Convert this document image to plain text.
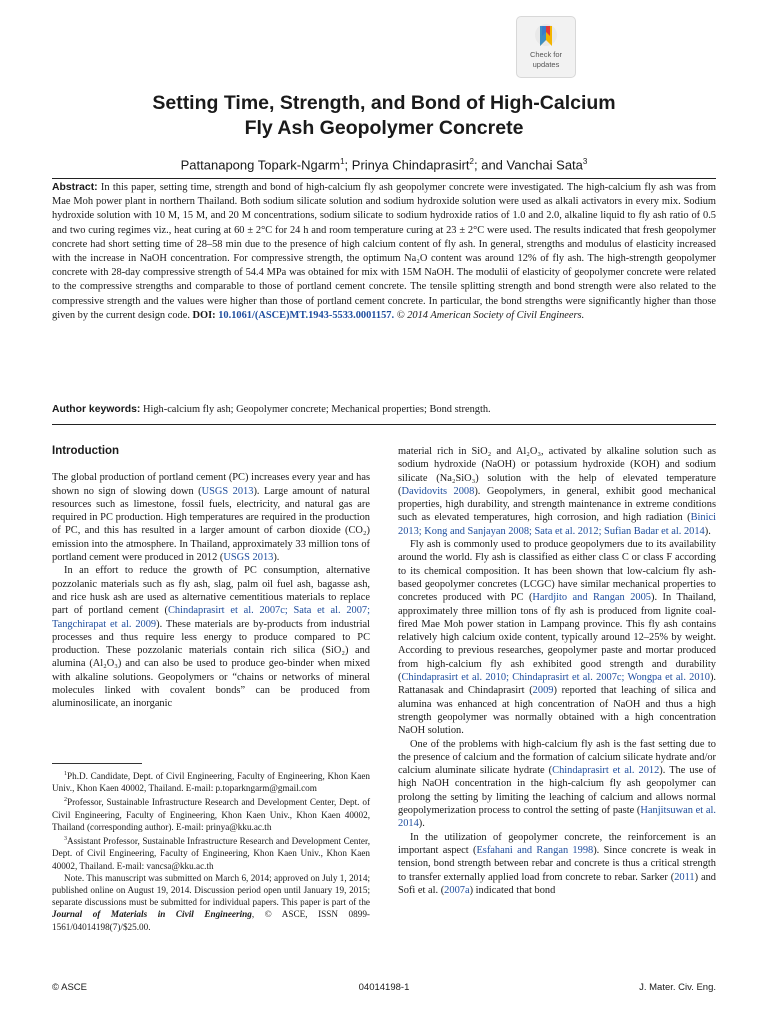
Check for
updates
Setting Time, Strength, and Bond of High-Calcium
Fly Ash Geopolymer Concrete
Pattanapong Topark-Ngarm$^1$; Prinya Chindaprasirt$^2$; and Vanchai Sata$^3$
Abstract: In this paper, setting time, strength and bond of high-calcium fly ash geopolymer concrete were investigated. The high-calcium fly ash was from Mae Moh power plant in northern Thailand. Both sodium silicate solution and sodium hydroxide solution were used as alkali activators in every mix. Sodium hydroxide solution with 10 M, 15 M, and 20 M concentrations, sodium silicate to sodium hydroxide ratios of 1.0 and 2.0, alkaline liquid to fly ash ratio of 0.5 and two curing regimes viz., heat curing at 60 ± 2°C for 24 h and room temperature curing at 23 ± 2°C were used. The results indicated that fresh geopolymer concrete had short setting time of 28–58 min due to the presence of high calcium content of fly ash. In general, strengths and modulus of elasticity increased with the increase in NaOH concentration. For compressive strength, the optimum Na₂O content was around 12% of fly ash. The high-strength geopolymer concrete with 28-day compressive strength of 54.4 MPa was obtained for mix with 15M NaOH. The modulii of elasticity of geopolymer concrete were related to the compressive strengths and comparable to those of portland cement concrete. The tensile splitting strength and bond strength were also related to the compressive strength and the values were higher than those of portland cement concrete. In particular, the bond strengths were significantly higher than those given by the current design code. DOI: 10.1061/(ASCE)MT.1943-5533.0001157. © 2014 American Society of Civil Engineers.
Author keywords: High-calcium fly ash; Geopolymer concrete; Mechanical properties; Bond strength.
Introduction

The global production of portland cement (PC) increases every year and has shown no sign of slowing down (USGS 2013). Large amount of natural resources such as limestone, fossil fuels, electricity, and natural gas are required in PC production. High temperatures are required in the production of PC, and this has resulted in a larger amount of carbon dioxide (CO₂) emission into the atmosphere. In Thailand, approximately 33 million tons of portland cement were produced in 2012 (USGS 2013).

In an effort to reduce the growth of PC consumption, alternative pozzolanic materials such as fly ash, slag, palm oil fuel ash, bagasse ash, and rice husk ash are used as alternative cementitious materials to replace part of portland cement (Chindaprasirt et al. 2007c; Sata et al. 2007; Tangchirapat et al. 2009). These materials are by-products from industrial processes and thus require less energy to produce compared to PC production. These pozzolanic materials contain rich silica (SiO₂) and alumina (Al₂O₃) and can also be used to produce geo-binder when mixed with alkaline solutions. Geopolymers or “chains or networks of mineral molecules linked with covalent bonds” can be produced from aluminosilicate, an inorganic

$^1$Ph.D. Candidate, Dept. of Civil Engineering, Faculty of Engineering, Khon Kaen Univ., Khon Kaen 40002, Thailand. E-mail: p.toparkngarm@gmail.com

$^2$Professor, Sustainable Infrastructure Research and Development Center, Dept. of Civil Engineering, Faculty of Engineering, Khon Kaen Univ., Khon Kaen 40002, Thailand (corresponding author). E-mail: prinya@kku.ac.th

$^3$Assistant Professor, Sustainable Infrastructure Research and Development Center, Dept. of Civil Engineering, Faculty of Engineering, Khon Kaen Univ., Khon Kaen 40002, Thailand. E-mail: vancsa@kku.ac.th

Note. This manuscript was submitted on March 6, 2014; approved on July 1, 2014; published online on August 19, 2014. Discussion period open until January 19, 2015; separate discussions must be submitted for individual papers. This paper is part of the Journal of Materials in Civil Engineering, © ASCE, ISSN 0899-1561/04014198(7)/$25.00.

material rich in SiO₂ and Al₂O₃, activated by alkaline solution such as sodium hydroxide (NaOH) or potassium hydroxide (KOH) and sodium silicate (Na₂SiO₃) solution with the help of elevated temperature (Davidovits 2008). Geopolymers, in general, exhibit good mechanical properties, high durability, and strength maintenance in extreme conditions such as elevated temperatures, high corrosion, and high radiation (Binici 2013; Kong and Sanjayan 2008; Sata et al. 2012; Sufian Badar et al. 2014).

Fly ash is commonly used to produce geopolymers due to its availability around the world. Fly ash is classified as either class C or class F according to its chemical composition. It has been shown that low-calcium fly ash-based geopolymer concretes (LCGC) have similar mechanical properties to concretes produced with PC (Hardjito and Rangan 2005). In Thailand, approximately three million tons of fly ash is produced from lignite coal-fired Mae Moh power station in Lampang province. This fly ash contains relatively high calcium oxide content, typically around 12–25% by weight. According to previous researches, geopolymer paste and mortar produced from high-calcium fly ash exhibited good strength and durability (Chindaprasirt et al. 2010; Chindaprasirt et al. 2007c; Wongpa et al. 2010). Rattanasak and Chindaprasirt (2009) reported that leaching of silica and alumina was enhanced at high concentration of NaOH and thus a high strength geopolymer was normally obtained with a high concentration NaOH solution.

One of the problems with high-calcium fly ash is the fast setting due to the presence of calcium and the formation of calcium silicate hydrate and/or calcium aluminate silicate hydrate (Chindaprasirt et al. 2012). The use of high NaOH concentration in the high-calcium fly ash geopolymer can prolong the setting by limiting the leaching of calcium and allows normal geopolymerization process to control the setting of paste (Hanjitsuwan et al. 2014).

In the utilization of geopolymer concrete, the reinforcement is an important aspect (Esfahani and Rangan 1998). Since concrete is weak in tension, bond strength between rebar and concrete is thus a critical strength to transfer externally applied load from concrete to rebar. Sarker (2011) and Sofi et al. (2007a) indicated that bond

© ASCE	04014198-1	J. Mater. Civ. Eng.
